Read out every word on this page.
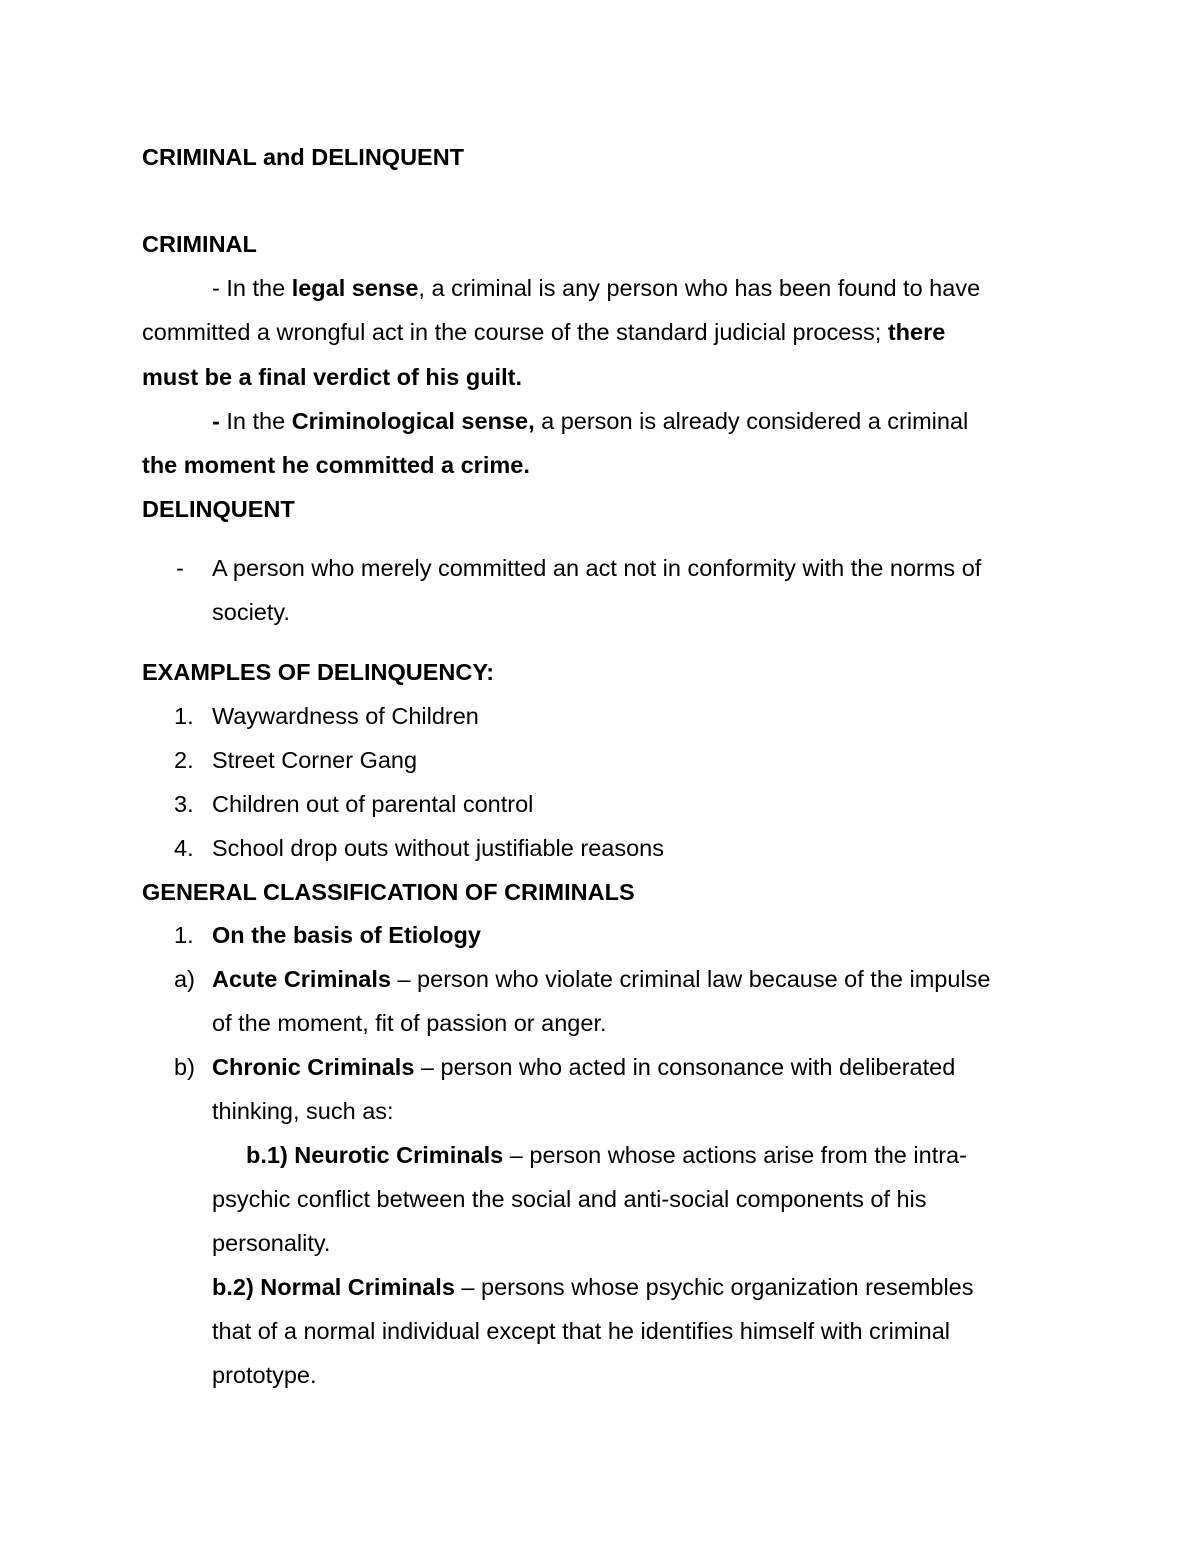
CRIMINAL and DELINQUENT
CRIMINAL
- In the legal sense, a criminal is any person who has been found to have
committed a wrongful act in the course of the standard judicial process; there
must be a final verdict of his guilt.
- In the Criminological sense, a person is already considered a criminal
the moment he committed a crime.
DELINQUENT
- A person who merely committed an act not in conformity with the norms of
society.
EXAMPLES OF DELINQUENCY:
1. Waywardness of Children
2. Street Corner Gang
3. Children out of parental control
4. School drop outs without justifiable reasons
GENERAL CLASSIFICATION OF CRIMINALS
1. On the basis of Etiology
a) Acute Criminals – person who violate criminal law because of the impulse
of the moment, fit of passion or anger.
b) Chronic Criminals – person who acted in consonance with deliberated
thinking, such as:
b.1) Neurotic Criminals – person whose actions arise from the intra-
psychic conflict between the social and anti-social components of his
personality.
b.2) Normal Criminals – persons whose psychic organization resembles
that of a normal individual except that he identifies himself with criminal
prototype.
